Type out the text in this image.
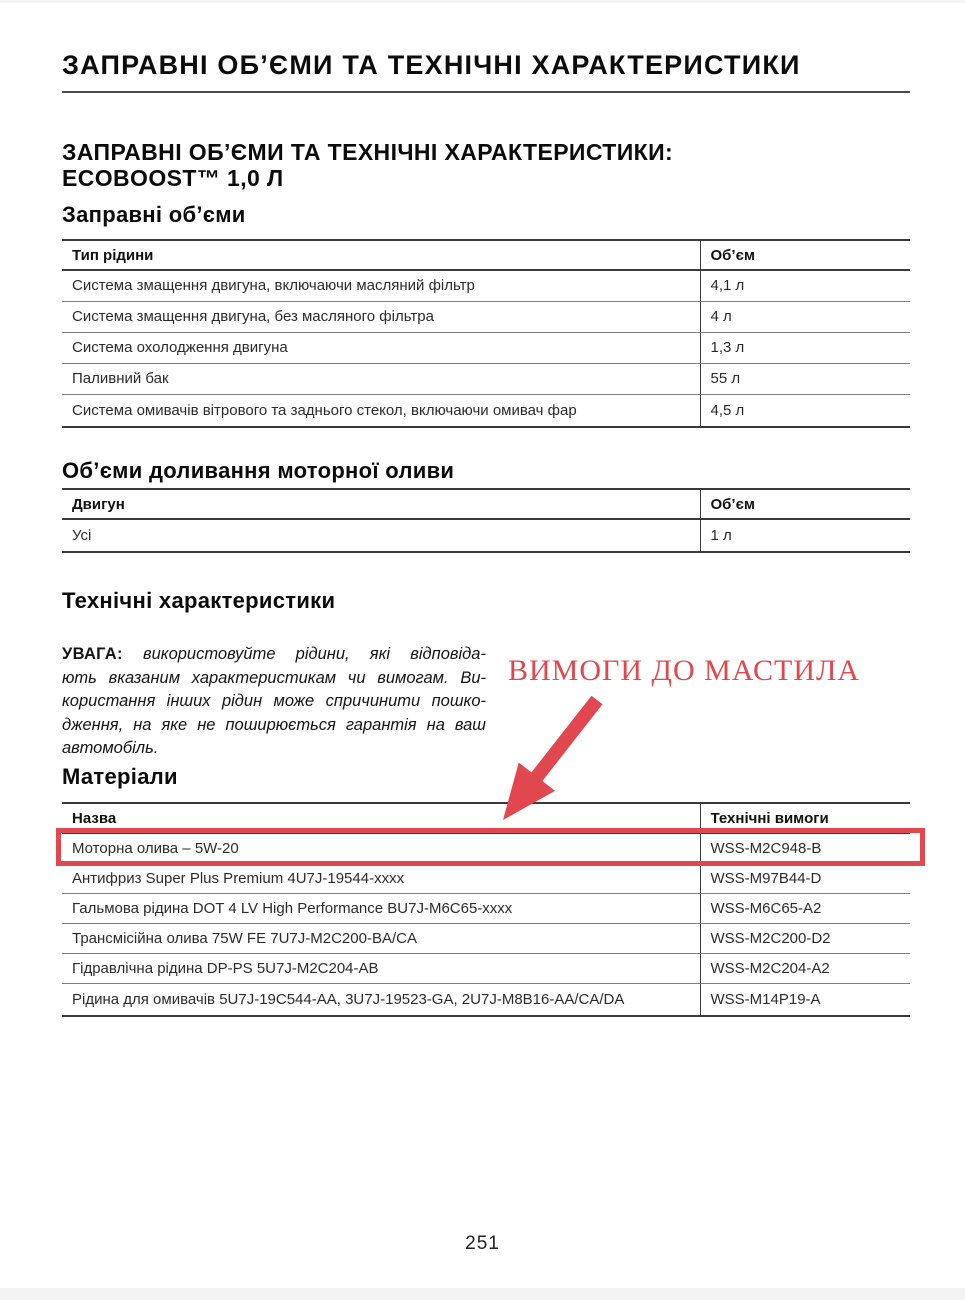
ЗАПРАВНІ ОБ’ЄМИ ТА ТЕХНІЧНІ ХАРАКТЕРИСТИКИ
ЗАПРАВНІ ОБ’ЄМИ ТА ТЕХНІЧНІ ХАРАКТЕРИСТИКИ:
ECOBOOST™ 1,0 Л
Заправні об’єми
Тип рідини	Об’єм
Система змащення двигуна, включаючи масляний фільтр	4,1 л
Система змащення двигуна, без масляного фільтра	4 л
Система охолодження двигуна	1,3 л
Паливний бак	55 л
Система омивачів вітрового та заднього стекол, включаючи омивач фар	4,5 л
Об’єми доливання моторної оливи
Двигун	Об’єм
Усі	1 л
Технічні характеристики
УВАГА: використовуйте рідини, які відповіда-
ють вказаним характеристикам чи вимогам. Ви-
користання інших рідин може спричинити пошко-
дження, на яке не поширюється гарантія на ваш
автомобіль.
ВИМОГИ ДО МАСТИЛА
Матеріали
Назва	Технічні вимоги
Моторна олива – 5W-20	WSS-M2C948-B
Антифриз Super Plus Premium 4U7J-19544-xxxx	WSS-M97B44-D
Гальмова рідина DOT 4 LV High Performance BU7J-M6C65-xxxx	WSS-M6C65-A2
Трансмісійна олива 75W FE 7U7J-M2C200-BA/CA	WSS-M2C200-D2
Гідравлічна рідина DP-PS 5U7J-M2C204-AB	WSS-M2C204-A2
Рідина для омивачів 5U7J-19C544-AA, 3U7J-19523-GA, 2U7J-M8B16-AA/CA/DA	WSS-M14P19-A
251
